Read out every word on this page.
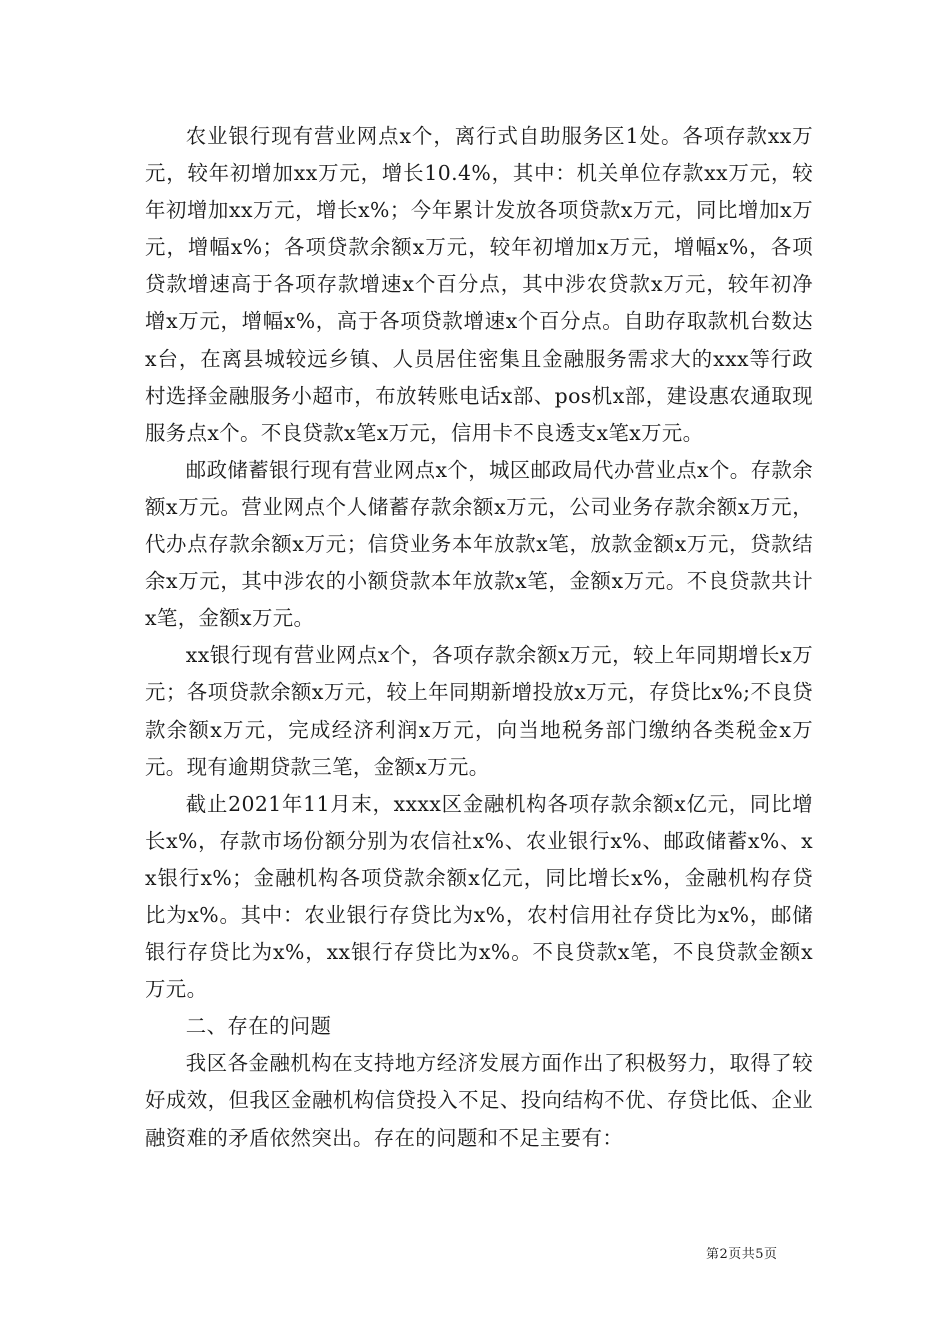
农业银行现有营业网点x个，离行式自助服务区1处。各项存款xx万元，较年初增加xx万元，增长10.4%，其中：机关单位存款xx万元，较年初增加xx万元，增长x%；今年累计发放各项贷款x万元，同比增加x万元，增幅x%；各项贷款余额x万元，较年初增加x万元，增幅x%，各项贷款增速高于各项存款增速x个百分点，其中涉农贷款x万元，较年初净增x万元，增幅x%，高于各项贷款增速x个百分点。自助存取款机台数达x台，在离县城较远乡镇、人员居住密集且金融服务需求大的xxx等行政村选择金融服务小超市，布放转账电话x部、pos机x部，建设惠农通取现服务点x个。不良贷款x笔x万元，信用卡不良透支x笔x万元。

邮政储蓄银行现有营业网点x个，城区邮政局代办营业点x个。存款余额x万元。营业网点个人储蓄存款余额x万元，公司业务存款余额x万元，代办点存款余额x万元；信贷业务本年放款x笔，放款金额x万元，贷款结余x万元，其中涉农的小额贷款本年放款x笔，金额x万元。不良贷款共计x笔，金额x万元。

xx银行现有营业网点x个，各项存款余额x万元，较上年同期增长x万元；各项贷款余额x万元，较上年同期新增投放x万元，存贷比x%;不良贷款余额x万元，完成经济利润x万元，向当地税务部门缴纳各类税金x万元。现有逾期贷款三笔，金额x万元。

截止2021年11月末，xxxx区金融机构各项存款余额x亿元，同比增长x%，存款市场份额分别为农信社x%、农业银行x%、邮政储蓄x%、xx银行x%；金融机构各项贷款余额x亿元，同比增长x%，金融机构存贷比为x%。其中：农业银行存贷比为x%，农村信用社存贷比为x%，邮储银行存贷比为x%，xx银行存贷比为x%。不良贷款x笔，不良贷款金额x万元。

二、存在的问题

我区各金融机构在支持地方经济发展方面作出了积极努力，取得了较好成效，但我区金融机构信贷投入不足、投向结构不优、存贷比低、企业融资难的矛盾依然突出。存在的问题和不足主要有：

第2页共5页
